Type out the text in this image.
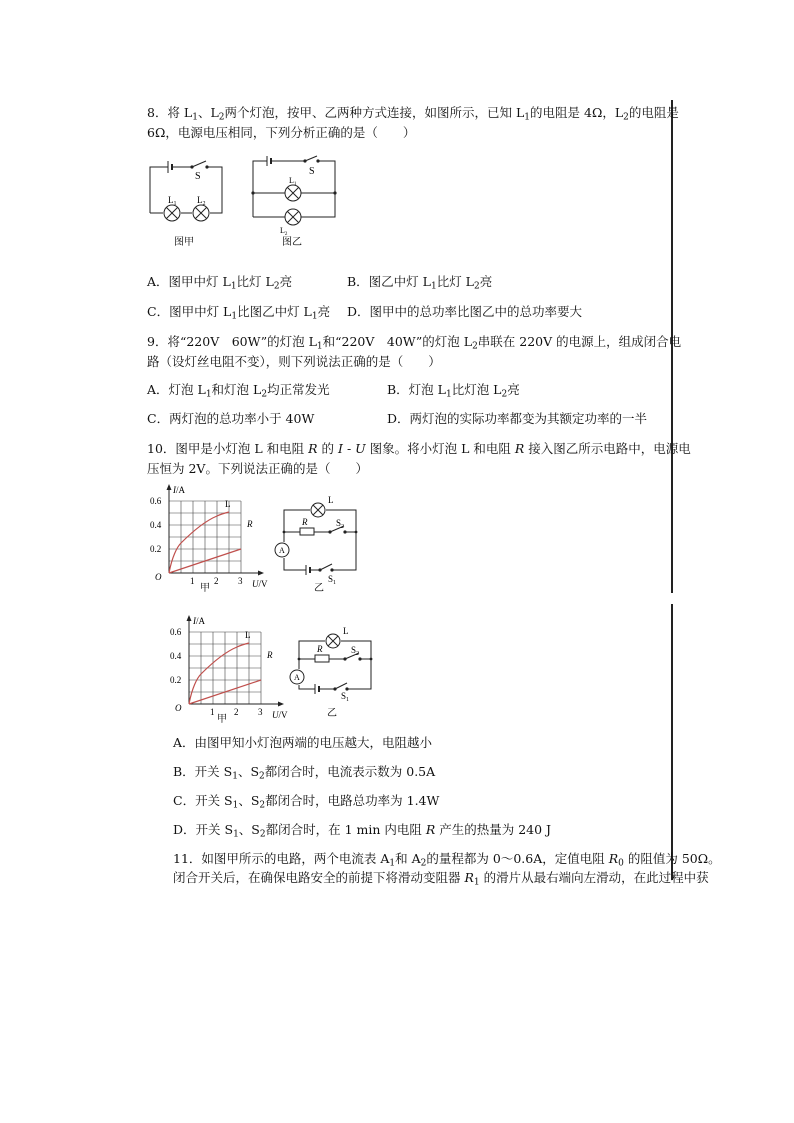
8．将 $L_1$、$L_2$两个灯泡，按甲、乙两种方式连接，如图所示，已知 $L_1$的电阻是 4Ω，$L_2$的电阻是
6Ω，电源电压相同，下列分析正确的是（　　）
S
$L_1$ $L_2$
图甲
S
$L_1$
$L_2$
图乙
A．图甲中灯 $L_1$比灯 $L_2$亮	B．图乙中灯 $L_1$比灯 $L_2$亮
C．图甲中灯 $L_1$比图乙中灯 $L_1$亮 D．图甲中的总功率比图乙中的总功率要大
9．将“220V　60W”的灯泡 $L_1$和“220V　40W”的灯泡 $L_2$串联在 220V 的电源上，组成闭合电
路（设灯丝电阻不变），则下列说法正确的是（　　）
A．灯泡 $L_1$和灯泡 $L_2$均正常发光	B．灯泡 $L_1$比灯泡 $L_2$亮
C．两灯泡的总功率小于 40W	D．两灯泡的实际功率都变为其额定功率的一半
10．图甲是小灯泡 L 和电阻 R 的 I - U 图象。将小灯泡 L 和电阻 R 接入图乙所示电路中，电源电
压恒为 2V。下列说法正确的是（　　）
I/A
0.6
0.4
0.2
1 2 3
O
U/V
L
R
甲
L
R	$S_2$
A
$S_1$
乙
I/A
0.6
0.4
0.2
1 2 3
O
U/V
L
R
甲
L
R	$S_2$
A
$S_1$
乙
A．由图甲知小灯泡两端的电压越大，电阻越小
B．开关 $S_1$、$S_2$都闭合时，电流表示数为 0.5A
C．开关 $S_1$、$S_2$都闭合时，电路总功率为 1.4W
D．开关 $S_1$、$S_2$都闭合时，在 1 min 内电阻 R 产生的热量为 240 J
11．如图甲所示的电路，两个电流表 $A_1$和 $A_2$的量程都为 0～0.6A，定值电阻 $R_0$ 的阻值为 50Ω。
闭合开关后，在确保电路安全的前提下将滑动变阻器 $R_1$ 的滑片从最右端向左滑动，在此过程中获
